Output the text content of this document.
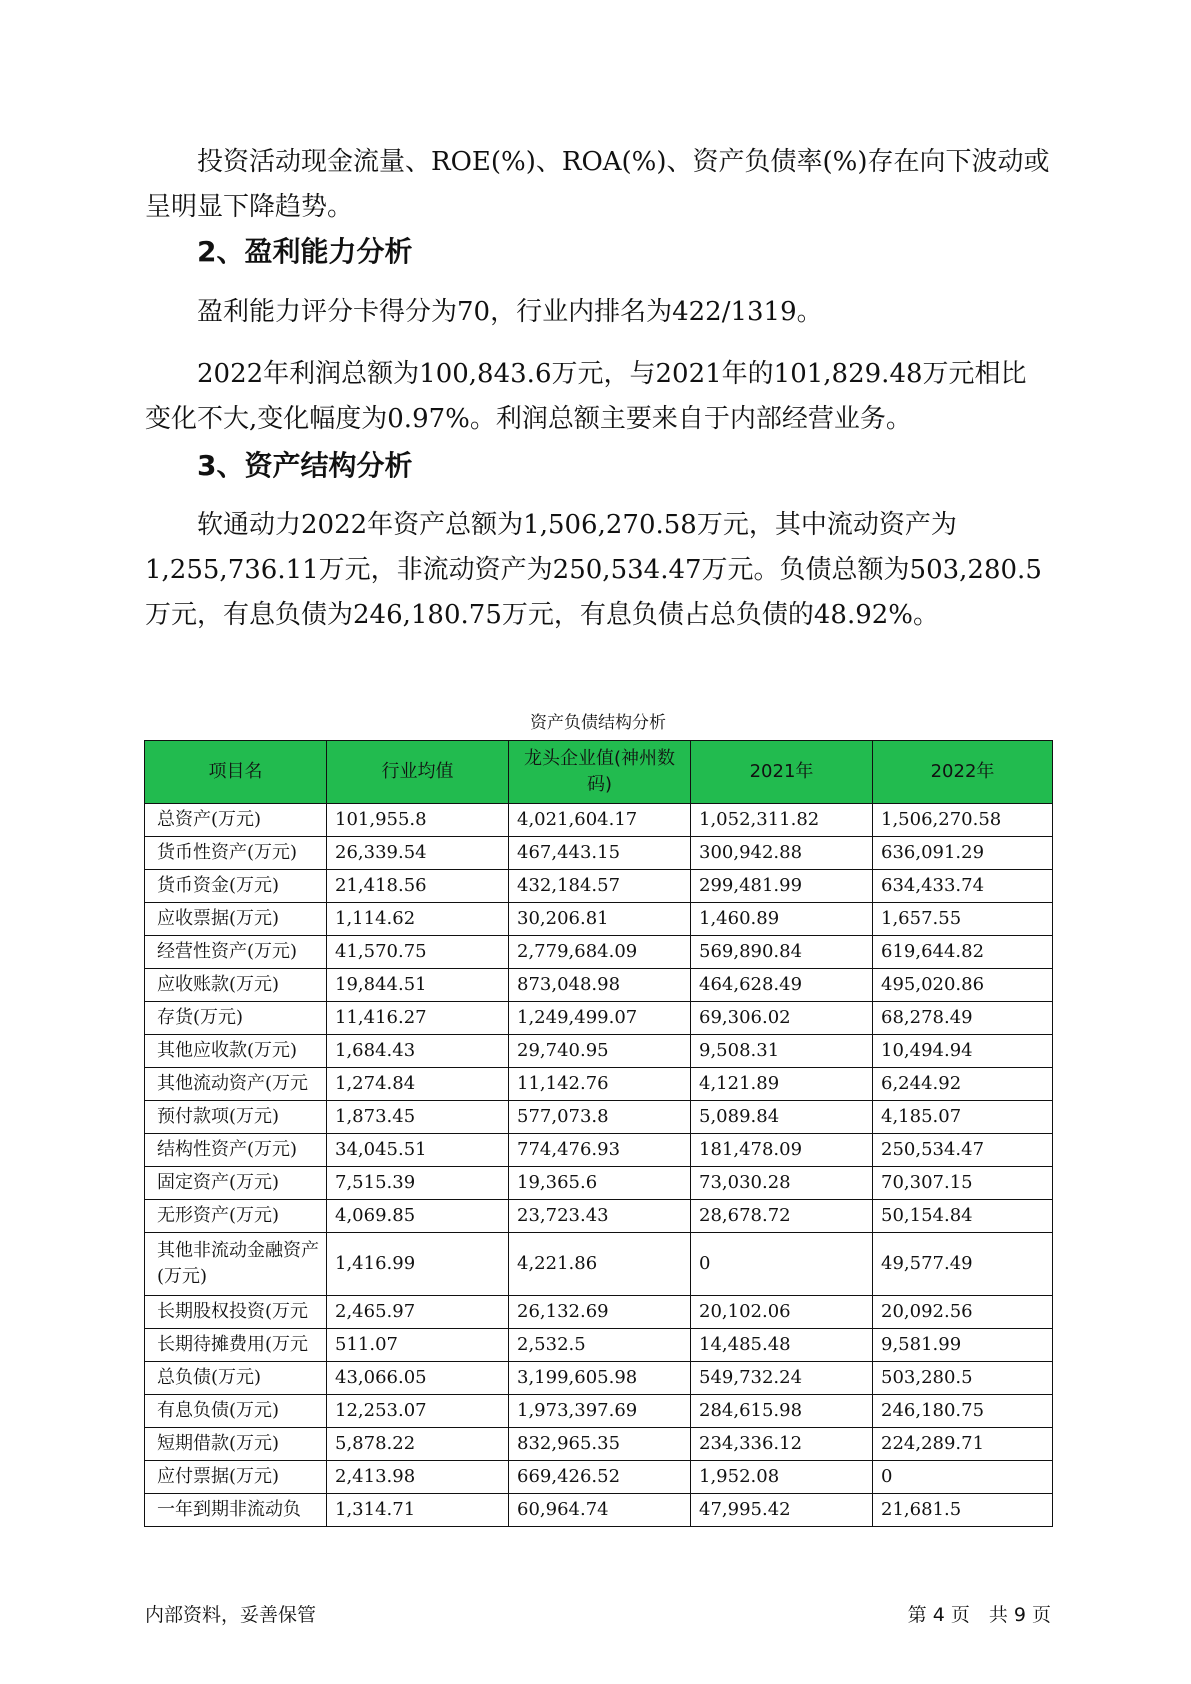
投资活动现金流量、ROE(%)、ROA(%)、资产负债率(%)存在向下波动或呈明显下降趋势。

2、盈利能力分析

盈利能力评分卡得分为70，行业内排名为422/1319。

2022年利润总额为100,843.6万元，与2021年的101,829.48万元相比变化不大,变化幅度为0.97%。利润总额主要来自于内部经营业务。

3、资产结构分析

软通动力2022年资产总额为1,506,270.58万元，其中流动资产为1,255,736.11万元，非流动资产为250,534.47万元。负债总额为503,280.5万元，有息负债为246,180.75万元，有息负债占总负债的48.92%。

资产负债结构分析
项目名	行业均值	龙头企业值(神州数码)	2021年	2022年
总资产(万元)	101,955.8	4,021,604.17	1,052,311.82	1,506,270.58
货币性资产(万元)	26,339.54	467,443.15	300,942.88	636,091.29
货币资金(万元)	21,418.56	432,184.57	299,481.99	634,433.74
应收票据(万元)	1,114.62	30,206.81	1,460.89	1,657.55
经营性资产(万元)	41,570.75	2,779,684.09	569,890.84	619,644.82
应收账款(万元)	19,844.51	873,048.98	464,628.49	495,020.86
存货(万元)	11,416.27	1,249,499.07	69,306.02	68,278.49
其他应收款(万元)	1,684.43	29,740.95	9,508.31	10,494.94
其他流动资产(万元	1,274.84	11,142.76	4,121.89	6,244.92
预付款项(万元)	1,873.45	577,073.8	5,089.84	4,185.07
结构性资产(万元)	34,045.51	774,476.93	181,478.09	250,534.47
固定资产(万元)	7,515.39	19,365.6	73,030.28	70,307.15
无形资产(万元)	4,069.85	23,723.43	28,678.72	50,154.84
其他非流动金融资产(万元)	1,416.99	4,221.86	0	49,577.49
长期股权投资(万元	2,465.97	26,132.69	20,102.06	20,092.56
长期待摊费用(万元	511.07	2,532.5	14,485.48	9,581.99
总负债(万元)	43,066.05	3,199,605.98	549,732.24	503,280.5
有息负债(万元)	12,253.07	1,973,397.69	284,615.98	246,180.75
短期借款(万元)	5,878.22	832,965.35	234,336.12	224,289.71
应付票据(万元)	2,413.98	669,426.52	1,952.08	0
一年到期非流动负	1,314.71	60,964.74	47,995.42	21,681.5
内部资料，妥善保管	第 4 页　共 9 页
